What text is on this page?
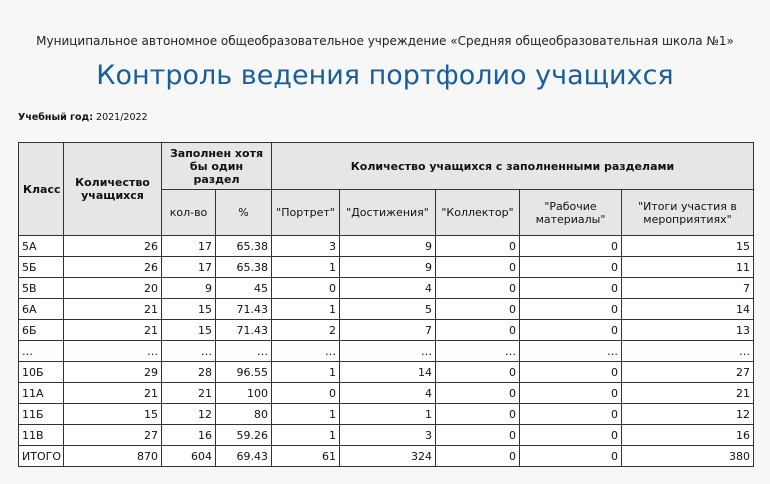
Муниципальное автономное общеобразовательное учреждение «Средняя общеобразовательная школа №1»
Контроль ведения портфолио учащихся
Учебный год: 2021/2022
Класс	Количество учащихся	Заполнен хотя бы один раздел		Количество учащихся с заполненными разделами				
		кол-во	%	"Портрет"	"Достижения"	"Коллектор"	"Рабочие материалы"	"Итоги участия в мероприятиях"
5А	26	17	65.38	3	9	0	0	15
5Б	26	17	65.38	1	9	0	0	11
5В	20	9	45	0	4	0	0	7
6А	21	15	71.43	1	5	0	0	14
6Б	21	15	71.43	2	7	0	0	13
…	…	…	…	…	…	…	…	…
10Б	29	28	96.55	1	14	0	0	27
11А	21	21	100	0	4	0	0	21
11Б	15	12	80	1	1	0	0	12
11В	27	16	59.26	1	3	0	0	16
ИТОГО	870	604	69.43	61	324	0	0	380
